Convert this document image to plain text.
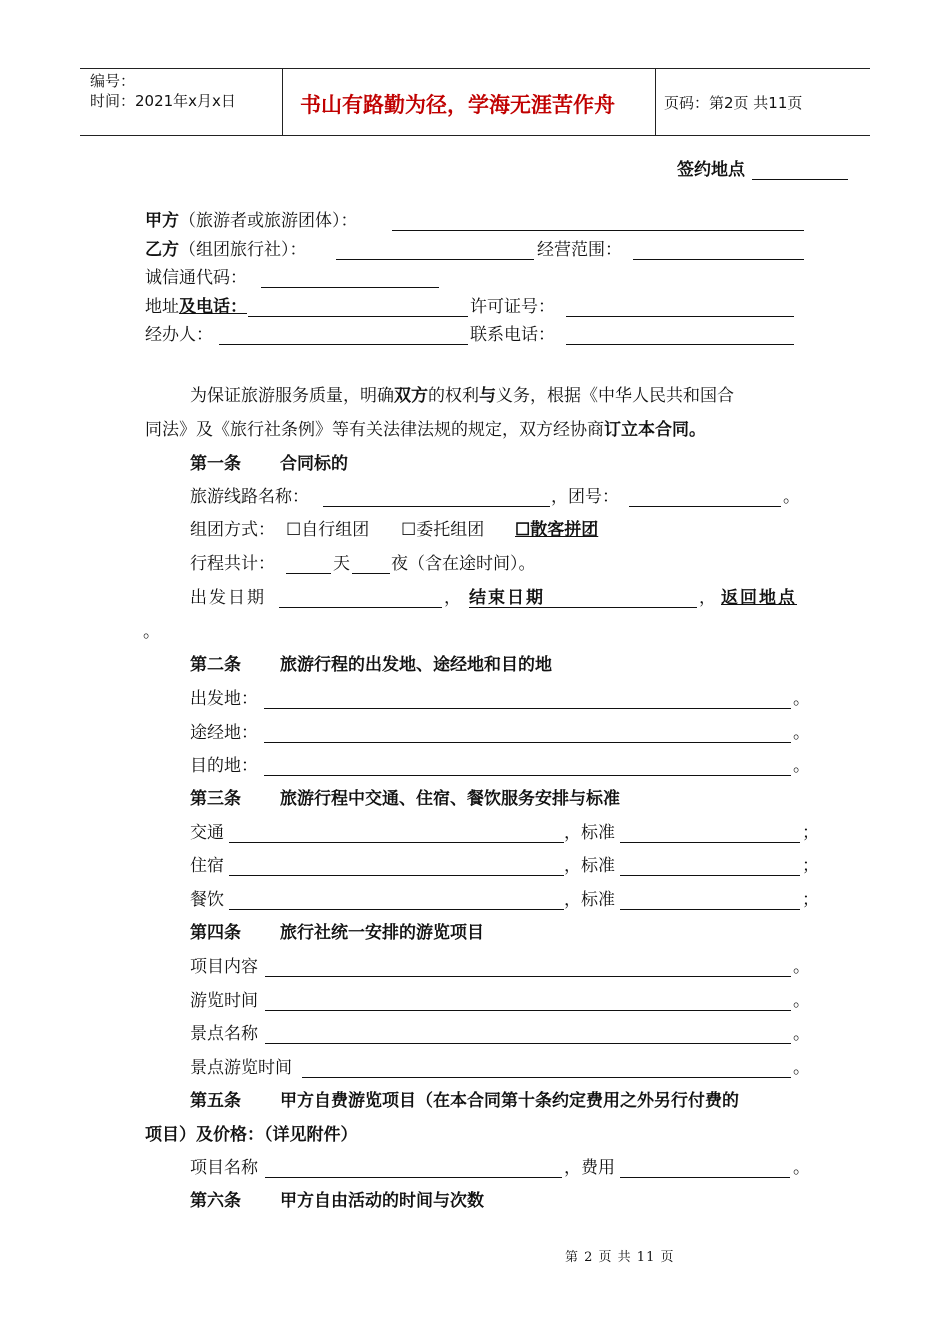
编号：
时间：2021年x月x日	书山有路勤为径，学海无涯苦作舟	页码：第2页 共11页
签约地点
甲方（旅游者或旅游团体）：
乙方（组团旅行社）：	经营范围：
诚信通代码：
地址及电话：	许可证号：
经办人：	联系电话：
为保证旅游服务质量，明确双方的权利与义务，根据《中华人民共和国合
同法》及《旅行社条例》等有关法律法规的规定，双方经协商订立本合同。
第一条 合同标的
旅游线路名称：	，团号：	。
组团方式： ☐自行组团 ☐委托组团 ☐散客拼团
行程共计：	天 夜（含在途时间）。
出发日期	， 结束日期	， 返回地点
。
第二条 旅游行程的出发地、途经地和目的地
出发地：	。
途经地：	。
目的地：	。
第三条 旅游行程中交通、住宿、餐饮服务安排与标准
交通	，标准	；
住宿	，标准	；
餐饮	，标准	；
第四条 旅行社统一安排的游览项目
项目内容	。
游览时间	。
景点名称	。
景点游览时间	。
第五条 甲方自费游览项目（在本合同第十条约定费用之外另行付费的
项目）及价格：（详见附件）
项目名称	，费用	。
第六条 甲方自由活动的时间与次数
第 2 页 共 11 页
